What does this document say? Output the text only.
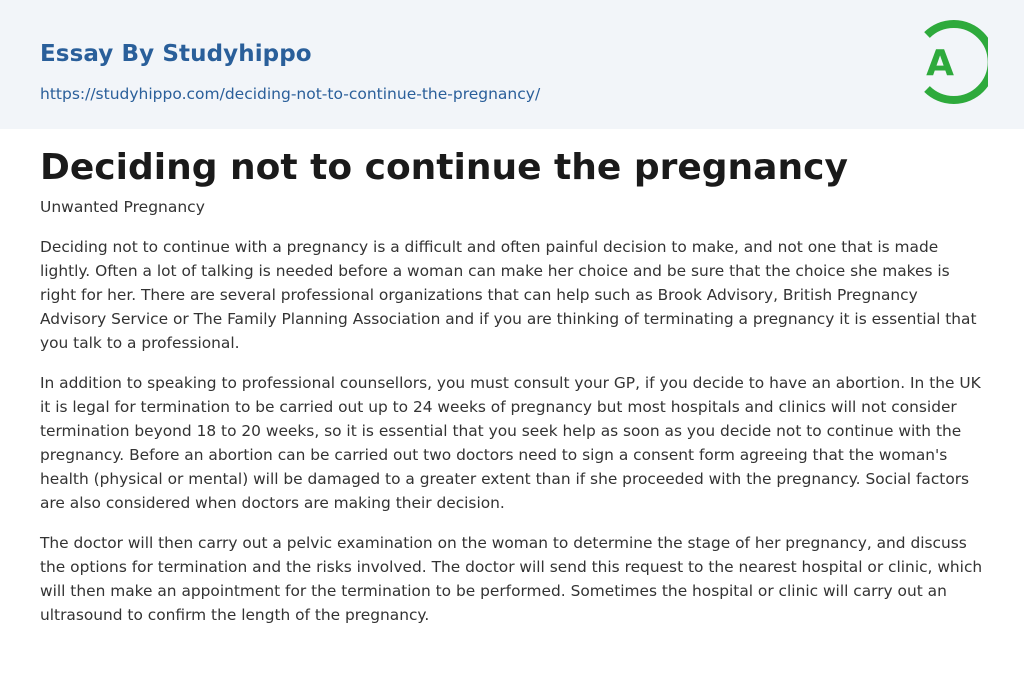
Essay By Studyhippo
https://studyhippo.com/deciding-not-to-continue-the-pregnancy/
A
Deciding not to continue the pregnancy

Unwanted Pregnancy

Deciding not to continue with a pregnancy is a difficult and often painful decision to make, and not one that is made lightly. Often a lot of talking is needed before a woman can make her choice and be sure that the choice she makes is right for her. There are several professional organizations that can help such as Brook Advisory, British Pregnancy Advisory Service or The Family Planning Association and if you are thinking of terminating a pregnancy it is essential that you talk to a professional.

In addition to speaking to professional counsellors, you must consult your GP, if you decide to have an abortion. In the UK it is legal for termination to be carried out up to 24 weeks of pregnancy but most hospitals and clinics will not consider termination beyond 18 to 20 weeks, so it is essential that you seek help as soon as you decide not to continue with the pregnancy. Before an abortion can be carried out two doctors need to sign a consent form agreeing that the woman's health (physical or mental) will be damaged to a greater extent than if she proceeded with the pregnancy. Social factors are also considered when doctors are making their decision.

The doctor will then carry out a pelvic examination on the woman to determine the stage of her pregnancy, and discuss the options for termination and the risks involved. The doctor will send this request to the nearest hospital or clinic, which will then make an appointment for the termination to be performed. Sometimes the hospital or clinic will carry out an ultrasound to confirm the length of the pregnancy.
